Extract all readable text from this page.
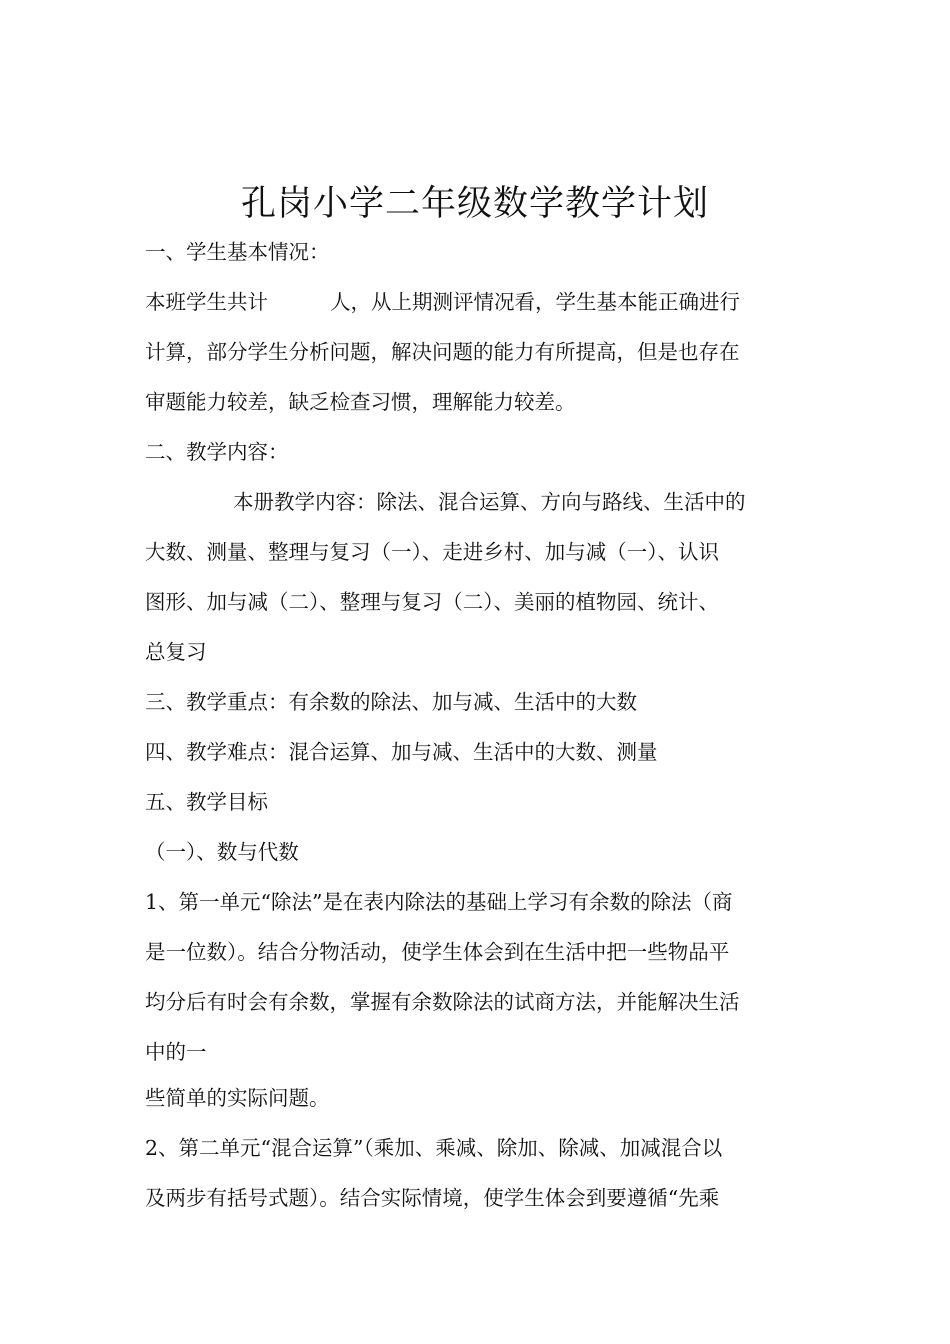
孔岗小学二年级数学教学计划
一、学生基本情况：
本班学生共计	人，从上期测评情况看，学生基本能正确进行
计算，部分学生分析问题，解决问题的能力有所提高，但是也存在
审题能力较差，缺乏检查习惯，理解能力较差。
二、教学内容：
本册教学内容：除法、混合运算、方向与路线、生活中的
大数、测量、整理与复习（一）、走进乡村、加与减（一）、认识
图形、加与减（二）、整理与复习（二）、美丽的植物园、统计、
总复习
三、教学重点：有余数的除法、加与减、生活中的大数
四、教学难点：混合运算、加与减、生活中的大数、测量
五、教学目标
（一）、数与代数
1、第一单元“除法”是在表内除法的基础上学习有余数的除法（商
是一位数）。结合分物活动，使学生体会到在生活中把一些物品平
均分后有时会有余数，掌握有余数除法的试商方法，并能解决生活
中的一
些简单的实际问题。
2、第二单元“混合运算”（乘加、乘减、除加、除减、加减混合以
及两步有括号式题）。结合实际情境，使学生体会到要遵循“先乘
